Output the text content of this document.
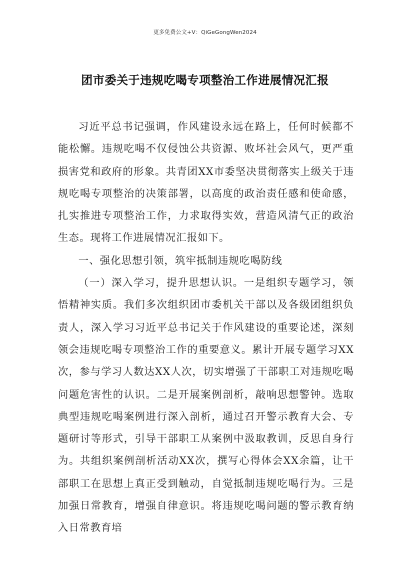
更多免费公文+V：QiGeGongWen2024
团市委关于违规吃喝专项整治工作进展情况汇报

习近平总书记强调，作风建设永远在路上，任何时候都不能松懈。违规吃喝不仅侵蚀公共资源、败坏社会风气，更严重损害党和政府的形象。共青团XX市委坚决贯彻落实上级关于违规吃喝专项整治的决策部署，以高度的政治责任感和使命感，扎实推进专项整治工作，力求取得实效，营造风清气正的政治生态。现将工作进展情况汇报如下。

一、强化思想引领，筑牢抵制违规吃喝防线

（一）深入学习，提升思想认识。一是组织专题学习，领悟精神实质。我们多次组织团市委机关干部以及各级团组织负责人，深入学习习近平总书记关于作风建设的重要论述，深刻领会违规吃喝专项整治工作的重要意义。累计开展专题学习XX次，参与学习人数达XX人次，切实增强了干部职工对违规吃喝问题危害性的认识。二是开展案例剖析，敲响思想警钟。选取典型违规吃喝案例进行深入剖析，通过召开警示教育大会、专题研讨等形式，引导干部职工从案例中汲取教训，反思自身行为。共组织案例剖析活动XX次，撰写心得体会XX余篇，让干部职工在思想上真正受到触动，自觉抵制违规吃喝行为。三是加强日常教育，增强自律意识。将违规吃喝问题的警示教育纳入日常教育培
